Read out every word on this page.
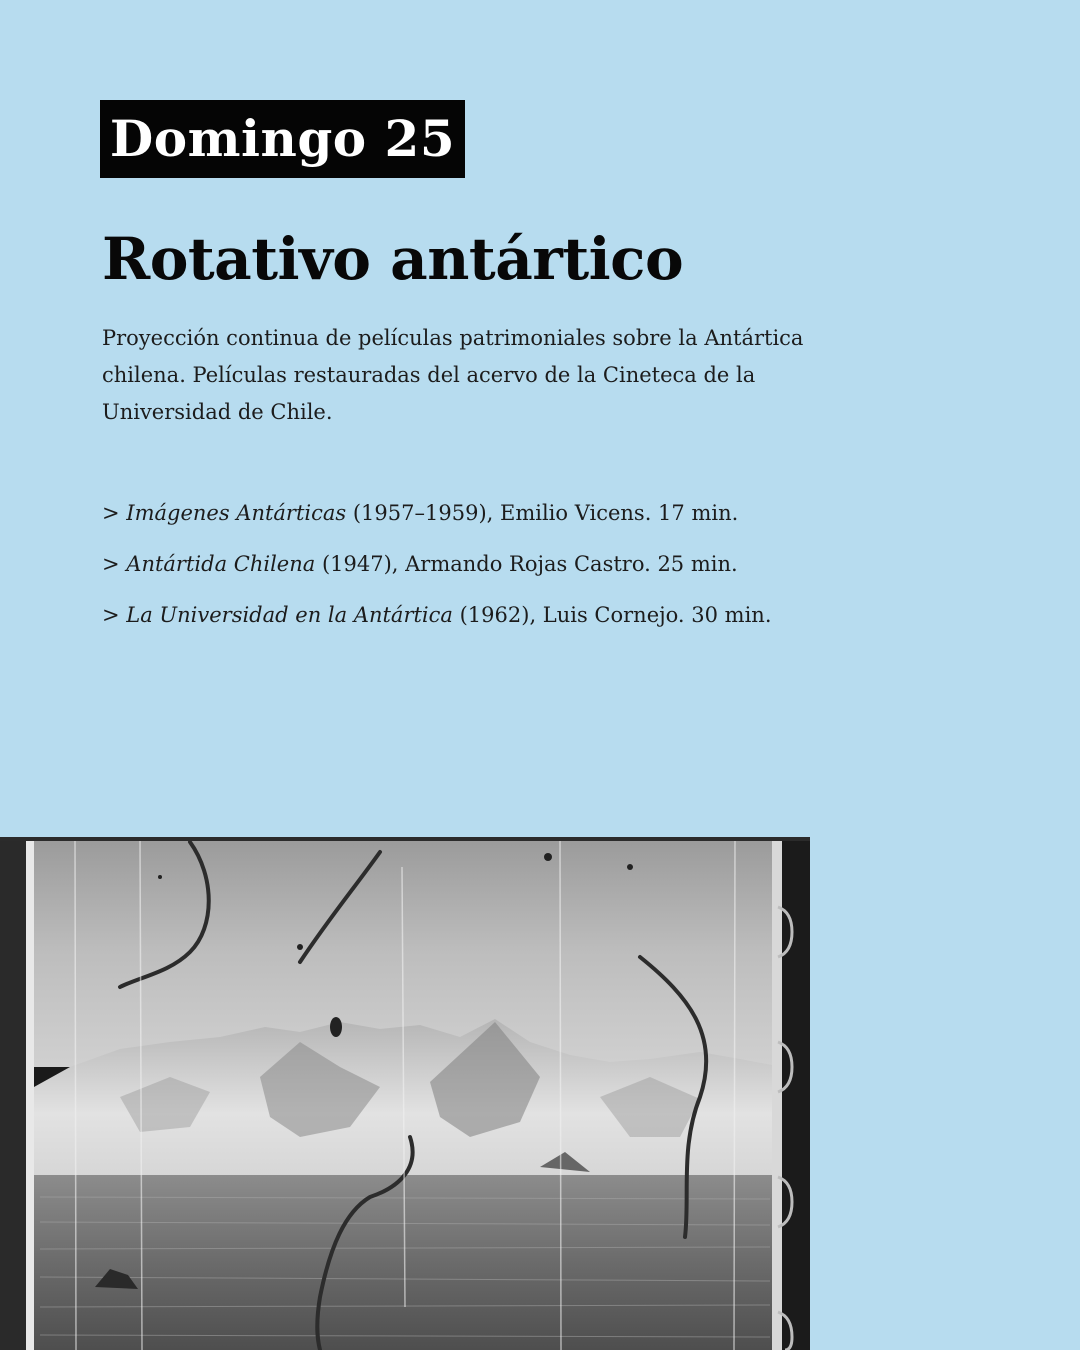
Domingo 25
Rotativo antártico

Proyección continua de películas patrimoniales sobre la Antártica chilena. Películas restauradas del acervo de la Cineteca de la Universidad de Chile.

> Imágenes Antárticas (1957–1959), Emilio Vicens. 17 min.
> Antártida Chilena (1947), Armando Rojas Castro. 25 min.
> La Universidad en la Antártica (1962), Luis Cornejo. 30 min.
